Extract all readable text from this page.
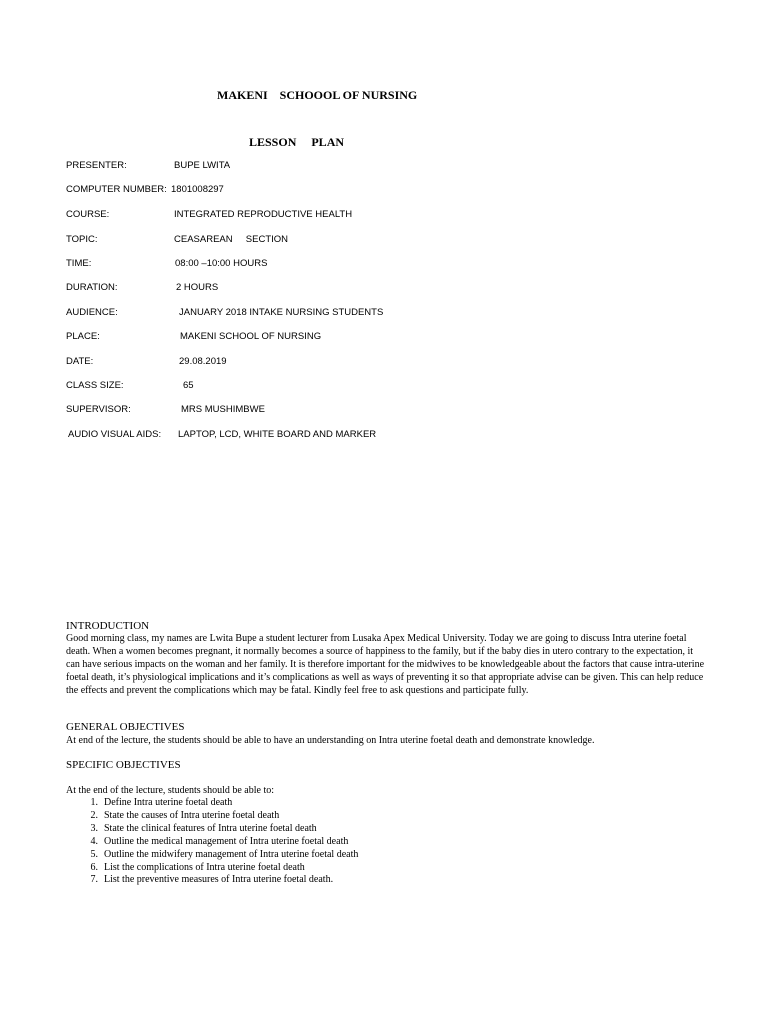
MAKENI    SCHOOOL OF NURSING
LESSON     PLAN
PRESENTER:	BUPE LWITA
COMPUTER NUMBER: 1801008297
COURSE:	INTEGRATED REPRODUCTIVE HEALTH
TOPIC:	CEASAREAN     SECTION
TIME:	08:00 –10:00 HOURS
DURATION:	2 HOURS
AUDIENCE:	JANUARY 2018 INTAKE NURSING STUDENTS
PLACE:	MAKENI SCHOOL OF NURSING
DATE:	29.08.2019
CLASS SIZE:	65
SUPERVISOR:	MRS MUSHIMBWE
AUDIO VISUAL AIDS: LAPTOP, LCD, WHITE BOARD AND MARKER
INTRODUCTION
Good morning class, my names are Lwita Bupe a student lecturer from Lusaka Apex Medical University. Today we are going to discuss Intra uterine foetal death. When a women becomes pregnant, it normally becomes a source of happiness to the family, but if the baby dies in utero contrary to the expectation, it can have serious impacts on the woman and her family. It is therefore important for the midwives to be knowledgeable about the factors that cause intra-uterine foetal death, it’s physiological implications and it’s complications as well as ways of preventing it so that appropriate advise can be given. This can help reduce the effects and prevent the complications which may be fatal. Kindly feel free to ask questions and participate fully.
GENERAL OBJECTIVES
At end of the lecture, the students should be able to have an understanding on Intra uterine foetal death and demonstrate knowledge.
SPECIFIC OBJECTIVES
At the end of the lecture, students should be able to:
1. Define Intra uterine foetal death
2. State the causes of Intra uterine foetal death
3. State the clinical features of Intra uterine foetal death
4. Outline the medical management of Intra uterine foetal death
5. Outline the midwifery management of Intra uterine foetal death
6. List the complications of Intra uterine foetal death
7. List the preventive measures of Intra uterine foetal death.
